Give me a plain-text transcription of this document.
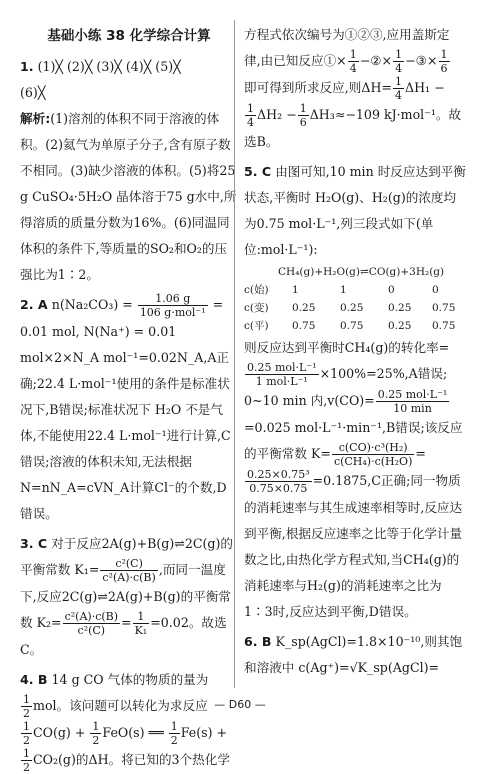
基础小练 38 化学综合计算

1. (1)╳ (2)╳ (3)╳ (4)╳ (5)╳
(6)╳

解析:(1)溶剂的体积不同于溶液的体积。(2)氦气为单原子分子,含有原子数不相同。(3)缺少溶液的体积。(5)将25 g CuSO₄·5H₂O 晶体溶于75 g水中,所得溶质的质量分数为16%。(6)同温同体积的条件下,等质量的SO₂和O₂的压强比为1∶2。

2. A $n(Na_2CO_3) = \frac{1.06 g}{\text{106 g·mol⁻¹}} = 0.01$ mol, N(Na⁺) = 0.01 mol×2×N_A mol⁻¹=0.02N_A,A正确;22.4 L·mol⁻¹使用的条件是标准状况下,B错误;标准状况下 H₂O 不是气体,不能使用22.4 L·mol⁻¹进行计算,C错误;溶液的体积未知,无法根据 N=nN_A=cVN_A计算Cl⁻的个数,D错误。

3. C 对于反应2A(g)+B(g)⇌2C(g)的平衡常数 $K_1= \frac{\text{c²(C)}}{\text{c²(A)·c(B)}}$ ,而同一温度下,反应2C(g)⇌2A(g)+B(g)的平衡常数 $K_2= \frac{\text{c²(A)·c(B)}}{\text{c²(C)}} = \frac{1}{\text{K₁}} =0.02$。故选C。

4. B 14 g CO 气体的物质的量为

$\frac{1}{2}$ mol。该问题可以转化为求反应

$\frac{1}{2} CO(g) + \frac{1}{2} FeO(s)$ ══ $\frac{1}{2} Fe(s)$ +

$\frac{1}{2} CO_2(g)$的ΔH。将已知的3个热化学

方程式依次编号为①②③,应用盖斯定律,由已知反应①× $\frac{1}{4}$ −②× $\frac{1}{4}$ −③× $\frac{1}{6}$

即可得到所求反应,则$\Delta H= \frac{1}{4} \Delta H_1$ −

$\frac{1}{4} \Delta H_2 - \frac{1}{6} \Delta H_3\approx-109$ kJ·mol⁻¹。故选B。

5. C 由图可知,10 min 时反应达到平衡状态,平衡时 H₂O(g)、H₂(g)的浓度均为0.75 mol·L⁻¹,列三段式如下(单位:mol·L⁻¹):

CH₄(g)+H₂O(g)⇌CO(g)+3H₂(g)
c(始)	1	1	0	0
c(变)	0.25	0.25	0.25	0.75
c(平)	0.75	0.75	0.25	0.75

则反应达到平衡时CH₄(g)的转化率=

$\frac{\text{0.25 mol·L⁻¹}}{\text{1 mol·L⁻¹}} \times 100\%=25\%,A$错误;
0~10 min 内$,v(CO)= \frac{\text{0.25 mol·L⁻¹}}{10 \min}$
=0.025 mol·L⁻¹·min⁻¹,B错误;该反应的平衡常数 $K= \frac{\text{c(CO)·c³(H₂)}}{\text{c(CH₄)·c(H₂O)}}$ =

$\frac{\text{0.25×0.75³}}{0.75\times 0.75} =0.1875,C$正确;同一物质的消耗速率与其生成速率相等时,反应达到平衡,根据反应速率之比等于化学计量数之比,由热化学方程式知,当CH₄(g)的消耗速率与H₂(g)的消耗速率之比为1∶3时,反应达到平衡,D错误。

6. B K_sp(AgCl)=1.8×10⁻¹⁰,则其饱和溶液中 c(Ag⁺)=√K_sp(AgCl)=

— D60 —
